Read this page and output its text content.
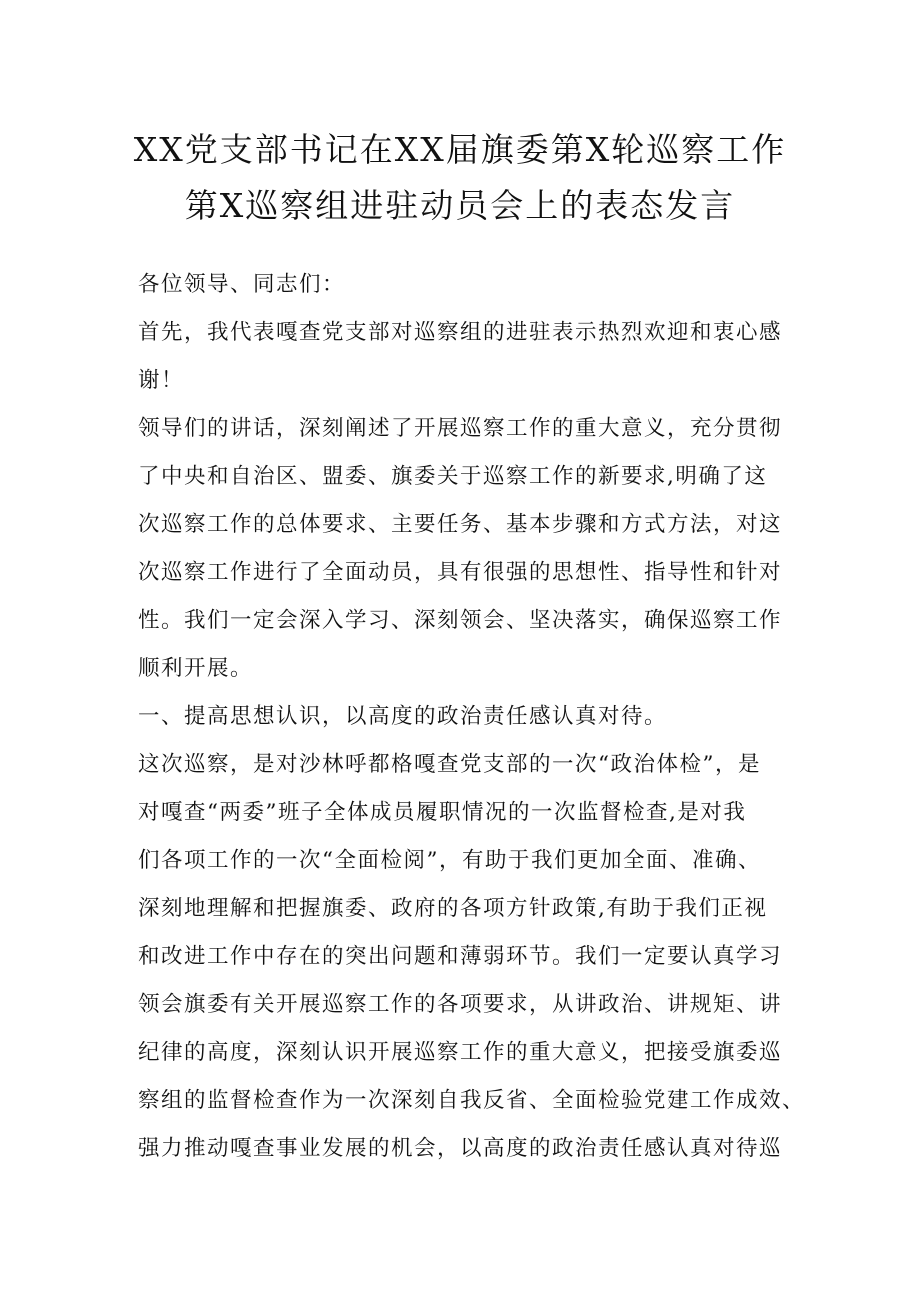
XX党支部书记在XX届旗委第X轮巡察工作
第X巡察组进驻动员会上的表态发言

各位领导、同志们：

首先，我代表嘎查党支部对巡察组的进驻表示热烈欢迎和衷心感

谢！

领导们的讲话，深刻阐述了开展巡察工作的重大意义，充分贯彻

了中央和自治区、盟委、旗委关于巡察工作的新要求,明确了这

次巡察工作的总体要求、主要任务、基本步骤和方式方法，对这

次巡察工作进行了全面动员，具有很强的思想性、指导性和针对

性。我们一定会深入学习、深刻领会、坚决落实，确保巡察工作

顺利开展。

一、提高思想认识，以高度的政治责任感认真对待。

这次巡察，是对沙林呼都格嘎查党支部的一次“政治体检”，是

对嘎查“两委”班子全体成员履职情况的一次监督检查,是对我

们各项工作的一次“全面检阅”，有助于我们更加全面、准确、

深刻地理解和把握旗委、政府的各项方针政策,有助于我们正视

和改进工作中存在的突出问题和薄弱环节。我们一定要认真学习

领会旗委有关开展巡察工作的各项要求，从讲政治、讲规矩、讲

纪律的高度，深刻认识开展巡察工作的重大意义，把接受旗委巡

察组的监督检查作为一次深刻自我反省、全面检验党建工作成效、

强力推动嘎查事业发展的机会，以高度的政治责任感认真对待巡
